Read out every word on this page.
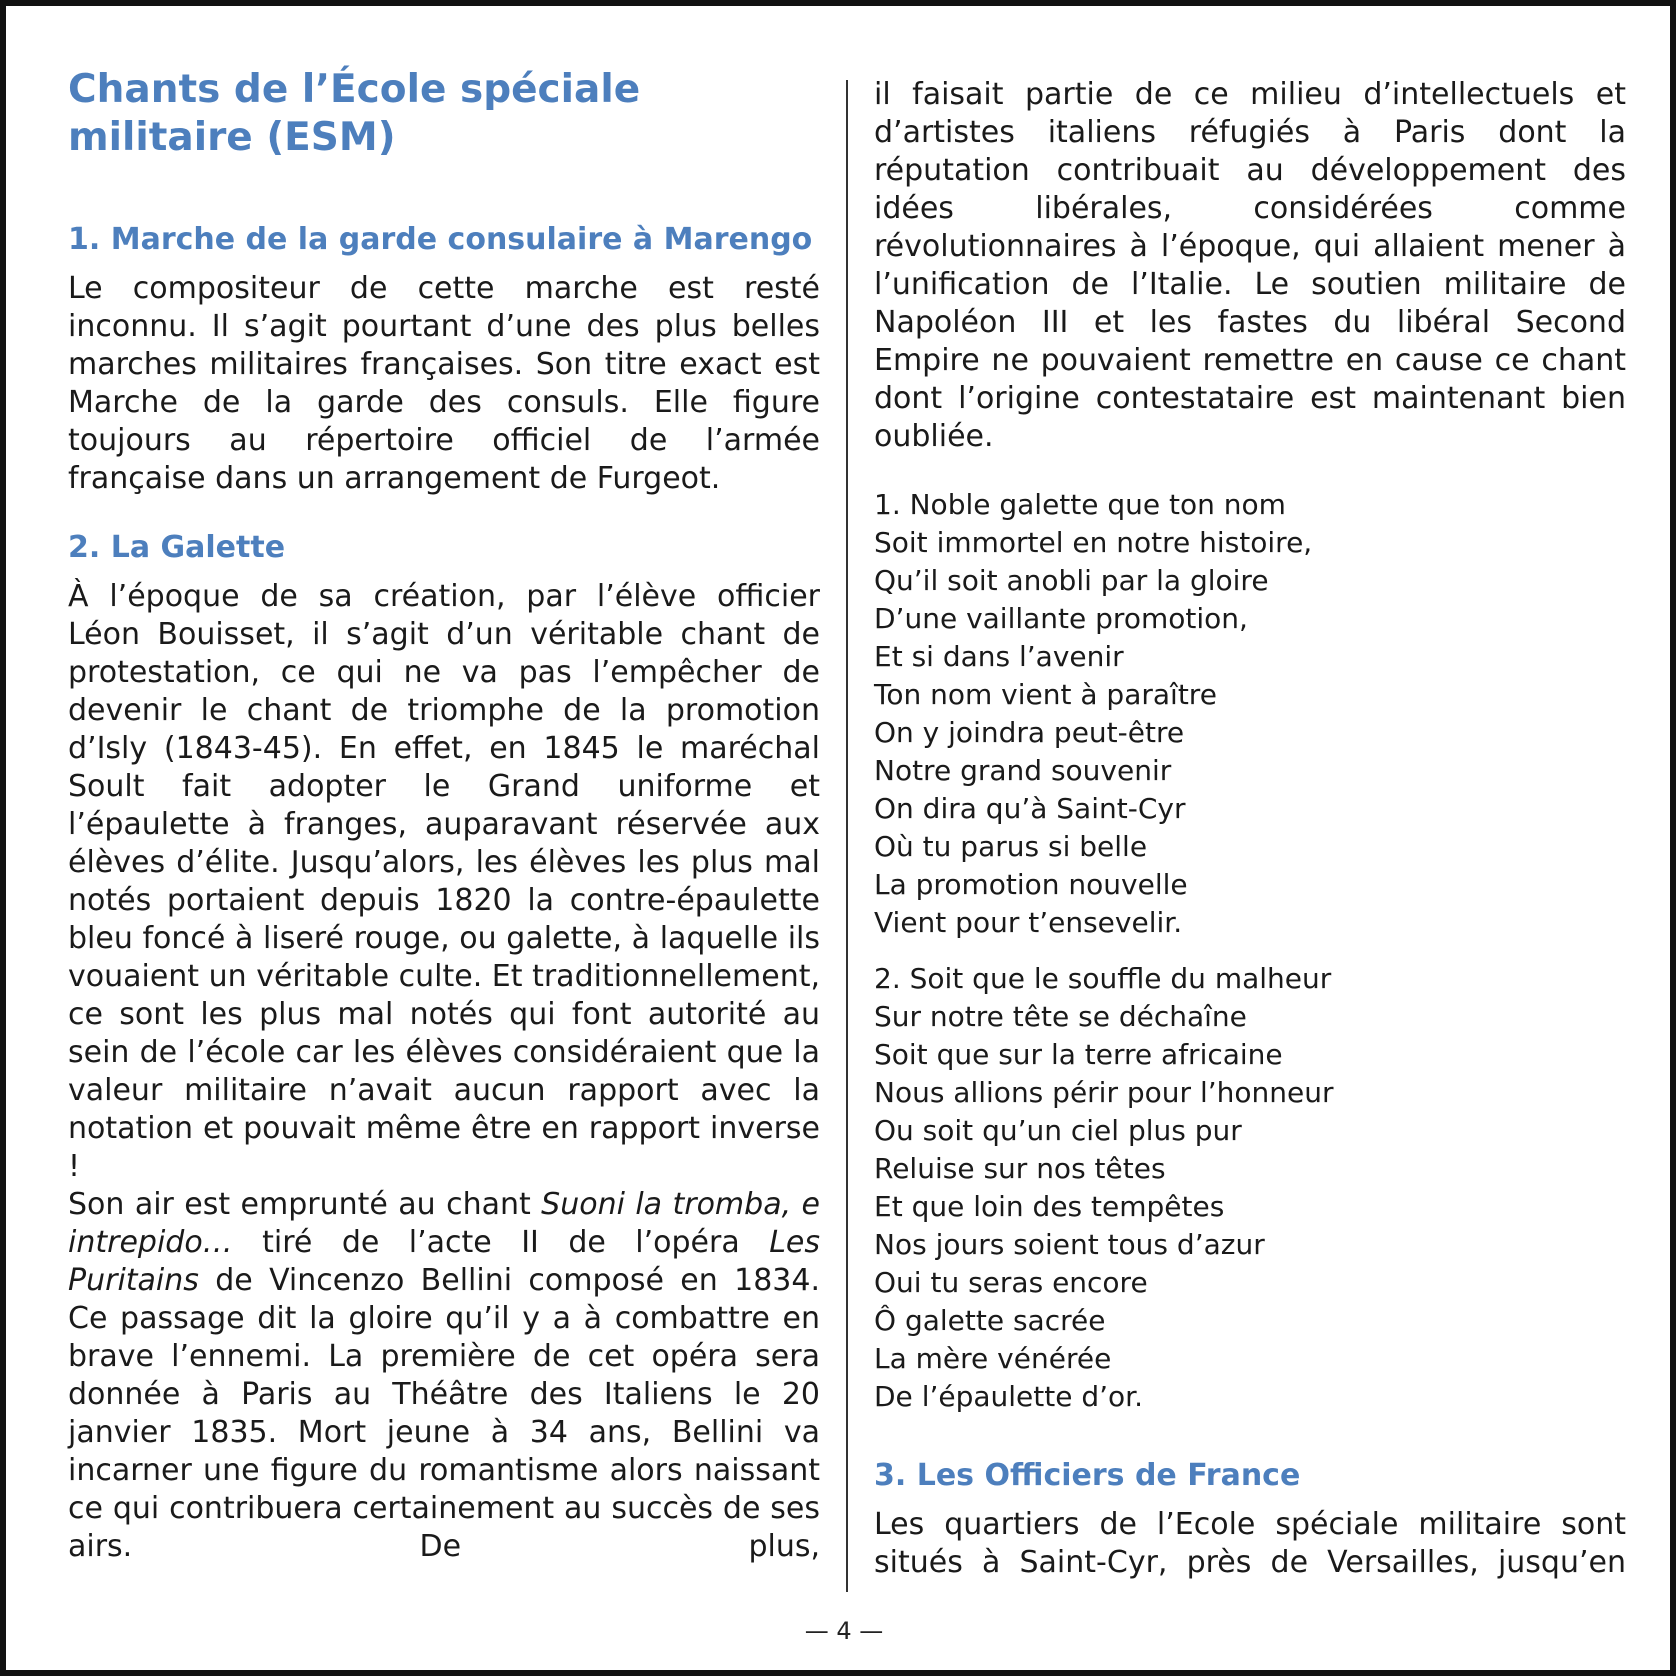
Chants de l’École spéciale militaire (ESM)
1. Marche de la garde consulaire à Marengo

Le compositeur de cette marche est resté inconnu. Il s’agit pourtant d’une des plus belles marches militaires françaises. Son titre exact est Marche de la garde des consuls. Elle figure toujours au répertoire officiel de l’armée française dans un arrangement de Furgeot.

2. La Galette

À l’époque de sa création, par l’élève officier Léon Bouisset, il s’agit d’un véritable chant de protestation, ce qui ne va pas l’empêcher de devenir le chant de triomphe de la promotion d’Isly (1843-45). En effet, en 1845 le maréchal Soult fait adopter le Grand uniforme et l’épaulette à franges, auparavant réservée aux élèves d’élite. Jusqu’alors, les élèves les plus mal notés portaient depuis 1820 la contre-épaulette bleu foncé à liseré rouge, ou galette, à laquelle ils vouaient un véritable culte. Et traditionnellement, ce sont les plus mal notés qui font autorité au sein de l’école car les élèves considéraient que la valeur militaire n’avait aucun rapport avec la notation et pouvait même être en rapport inverse !

Son air est emprunté au chant Suoni la tromba, e intrepido… tiré de l’acte II de l’opéra Les Puritains de Vincenzo Bellini composé en 1834. Ce passage dit la gloire qu’il y a à combattre en brave l’ennemi. La première de cet opéra sera donnée à Paris au Théâtre des Italiens le 20 janvier 1835. Mort jeune à 34 ans, Bellini va incarner une figure du romantisme alors naissant ce qui contribuera certainement au succès de ses airs. De plus,

il faisait partie de ce milieu d’intellectuels et d’artistes italiens réfugiés à Paris dont la réputation contribuait au développement des idées libérales, considérées comme révolutionnaires à l’époque, qui allaient mener à l’unification de l’Italie. Le soutien militaire de Napoléon III et les fastes du libéral Second Empire ne pouvaient remettre en cause ce chant dont l’origine contestataire est maintenant bien oubliée.

1. Noble galette que ton nom
Soit immortel en notre histoire,
Qu’il soit anobli par la gloire
D’une vaillante promotion,
Et si dans l’avenir
Ton nom vient à paraître
On y joindra peut-être
Notre grand souvenir
On dira qu’à Saint-Cyr
Où tu parus si belle
La promotion nouvelle
Vient pour t’ensevelir.
2. Soit que le souffle du malheur
Sur notre tête se déchaîne
Soit que sur la terre africaine
Nous allions périr pour l’honneur
Ou soit qu’un ciel plus pur
Reluise sur nos têtes
Et que loin des tempêtes
Nos jours soient tous d’azur
Oui tu seras encore
Ô galette sacrée
La mère vénérée
De l’épaulette d’or.
3. Les Officiers de France

Les quartiers de l’Ecole spéciale militaire sont situés à Saint-Cyr, près de Versailles, jusqu’en

— 4 —
